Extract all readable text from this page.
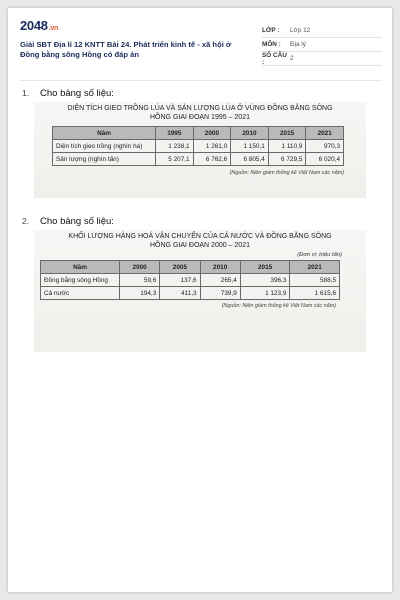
2048.vn
Giải SBT Địa lí 12 KNTT Bài 24. Phát triển kinh tế - xã hội ở Đồng bằng sông Hồng có đáp án
LỚP :	Lớp 12
MÔN :	Địa lý
SỐ CÂU :	2
1. Cho bảng số liệu:
DIỆN TÍCH GIEO TRỒNG LÚA VÀ SẢN LƯỢNG LÚA Ở VÙNG ĐỒNG BẰNG SÔNG HỒNG GIAI ĐOẠN 1995 – 2021
Năm	1995	2000	2010	2015	2021
Diện tích gieo trồng (nghìn ha)	1 238,1	1 261,0	1 150,1	1 110,9	970,3
Sản lượng (nghìn tấn)	5 207,1	6 762,6	6 805,4	6 729,5	6 020,4
(Nguồn: Niên giám thống kê Việt Nam các năm)
2. Cho bảng số liệu:
KHỐI LƯỢNG HÀNG HOÁ VẬN CHUYỂN CỦA CẢ NƯỚC VÀ ĐỒNG BẰNG SÔNG HỒNG GIAI ĐOẠN 2000 – 2021
(Đơn vị: triệu tấn)
Năm	2000	2005	2010	2015	2021
Đồng bằng sông Hồng	59,6	137,6	265,4	396,3	588,5
Cả nước	194,3	411,3	739,9	1 123,9	1 615,6
(Nguồn: Niên giám thống kê Việt Nam các năm)
